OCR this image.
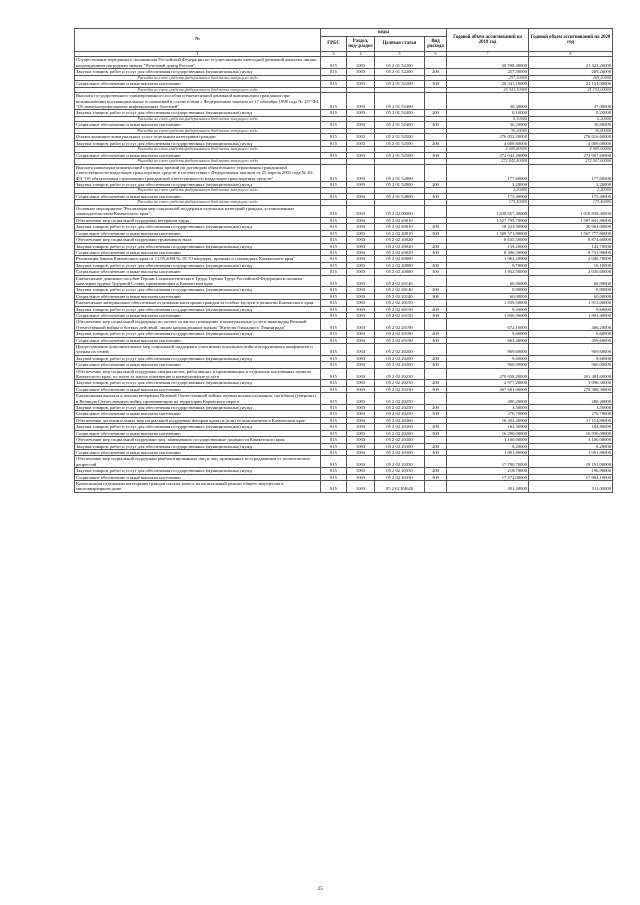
№	коды				Годовой объем ассигнований на 2019 год	Годовой объем ассигнований на 2020 год
	ГРБС	Раздел, под- раздел	Целевая статья	Вид расхода		
1	3	4	5	6	7	8
Осуществление переданного полномочия Российской Федерации по осуществлению ежегодной денежной выплаты лицам, награжденным нагрудным знаком "Почетный донор России"	815	1003	05 2 01 52200		20 598,40000	21 423,20000
Закупка товаров, работ и услуг для обеспечения государственных (муниципальных) нужд	815	1003	05 2 01 52200	200	257,30000	269,20000
Расходы за счет средств федерального бюджета текущего года					257,30000	269,20000
Социальное обеспечение и иные выплаты населению	815	1003	05 2 01 52200	300	20 341,10000	21 154,00000
Расходы за счет средств федерального бюджета текущего года					20 341,10000	21 154,00000
Выплата государственного единовременного пособия и ежемесячной денежной компенсации гражданам при возникновении поствакцинальных осложнений в соответствии с Федеральным законом от 17 сентября 1998 года № 157-ФЗ "Об иммунопрофилактике инфекционных болезней"	815	1003	05 2 01 52400		36,30000	37,00000
Закупка товаров, работ и услуг для обеспечения государственных (муниципальных) нужд	815	1003	05 2 01 52400	200	0,10000	0,20000
Расходы за счет средств федерального бюджета текущего года					0,10000	0,20000
Социальное обеспечение и иные выплаты населению	815	1003	05 2 01 52400	300	36,20000	36,80000
Расходы за счет средств федерального бюджета текущего года					36,20000	36,80000
Оплата жилищно-коммунальных услуг отдельным категориям граждан	815	1003	05 2 01 52500		276 052,20000	276 016,60000
Закупка товаров, работ и услуг для обеспечения государственных (муниципальных) нужд	815	1003	05 2 01 52500	200	4 009,80000	4 009,00000
Расходы за счет средств федерального бюджета текущего года					4 009,80000	4 009,00000
Социальное обеспечение и иные выплаты населению	815	1003	05 2 01 52500	300	272 042,40000	272 007,60000
Расходы за счет средств федерального бюджета текущего года					272 042,40000	272 007,60000
Выплата инвалидам компенсаций страховых премий по договорам обязательного страхования гражданской ответственности владельцев транспортных средств в соответствии с Федеральным законом от 25 апреля 2002 года № 40-ФЗ "Об обязательном страховании гражданской ответственности владельцев транспортных средств"	815	1003	05 2 01 52800		177,60000	177,60000
Закупка товаров, работ и услуг для обеспечения государственных (муниципальных) нужд	815	1003	05 2 01 52800	200	2,20000	2,20000
Расходы за счет средств федерального бюджета текущего года					2,20000	2,20000
Социальное обеспечение и иные выплаты населению	815	1003	05 2 01 52800	300	175,40000	175,40000
Расходы за счет средств федерального бюджета текущего года					175,40000	175,40000
Основное мероприятие "Реализация мер социальной поддержки отдельных категорий граждан, установленных законодательством Камчатского края"	815	1003	05 2 02 00000		1 848 657,40000	1 918 838,40000
Обеспечение мер социальной поддержки ветеранов труда	815	1003	05 2 02 20010		1 527 795,70000	1 587 841,80000
Закупка товаров, работ и услуг для обеспечения государственных (муниципальных) нужд	815	1003	05 2 02 20010	200	18 223,90000	20 064,00000
Социальное обеспечение и иные выплаты населению	815	1003	05 2 02 20010	300	1 509 571,80000	1 567 777,80000
Обеспечение мер социальной поддержки тружеников тыла	815	1003	05 2 02 20020		8 635,50000	8 874,60000
Закупка товаров, работ и услуг для обеспечения государственных (муниципальных) нужд	815	1003	05 2 02 20020	200	139,20000	142,70000
Социальное обеспечение и иные выплаты населению	815	1003	05 2 02 20020	300	8 496,30000	8 731,90000
Реализация Закона Камчатского края от 11.05.2008 № 18 "О наградах, премиях и стипендиях Камчатского края"	815	1003	05 2 02 20080		1 962,20000	2 040,70000
Закупка товаров, работ и услуг для обеспечения государственных (муниципальных) нужд	815	1003	05 2 02 20080	200	9,70000	10,10000
Социальное обеспечение и иные выплаты населению	815	1003	05 2 02 20080	300	1 952,50000	2 030,60000
Ежемесячное денежное пособие Героям Социалистического Труда, Героям Труда Российской Федерации и полным кавалерам ордена Трудовой Славы, проживающим в Камчатском крае	815	1003	05 2 02 20140		60,90000	60,90000
Закупка товаров, работ и услуг для обеспечения государственных (муниципальных) нужд	815	1003	05 2 02 20140	200	0,90000	0,90000
Социальное обеспечение и иные выплаты населению	815	1003	05 2 02 20140	300	60,00000	60,00000
Ежемесячное материальное обеспечение отдельным категориям граждан за особые заслуги в развитии Камчатского края	815	1003	05 2 02 20150		1 839,50000	1 913,00000
Закупка товаров, работ и услуг для обеспечения государственных (муниципальных) нужд	815	1003	05 2 02 20150	200	9,20000	9,60000
Социальное обеспечение и иные выплаты населению	815	1003	05 2 02 20150	300	1 830,30000	1 903,40000
Обеспечение мер социальной поддержки по оплате за жилое помещение и коммунальные услуги инвалидам Великой Отечественной войны и боевых действий, лицам награжденным знаком "Жителю блокадного Ленинграда"	815	1003	05 2 02 20190		672,10000	466,20000
Закупка товаров, работ и услуг для обеспечения государственных (муниципальных) нужд	815	1003	05 2 02 20190	200	9,60000	6,60000
Социальное обеспечение и иные выплаты населению	815	1003	05 2 02 20190	300	662,40000	459,60000
Предоставление дополнительных мер социальной поддержки участникам локальных войн и вооруженных конфликтов и членам их семей	815	1003	05 2 02 20200		969,60000	969,60000
Закупка товаров, работ и услуг для обеспечения государственных (муниципальных) нужд	815	1003	05 2 02 20200	200	9,60000	9,60000
Социальное обеспечение и иные выплаты населению	815	1003	05 2 02 20200	300	960,00000	960,00000
Обеспечение мер социальной поддержки специалистов, работающих и проживающих в отдельных населенных пунктах Камчатского края, по плате за жилое помещение и коммунальные услуги	815	1003	05 2 02 20230		270 658,20000	281 484,60000
Закупка товаров, работ и услуг для обеспечения государственных (муниципальных) нужд	815	1003	05 2 02 20230	200	2 977,20000	3 096,30000
Социальное обеспечение и иные выплаты населению	815	1003	05 2 02 20230	300	267 681,00000	278 388,30000
Ежемесячная выплата к пенсии ветеранам Великой Отечественной войны, вдовам военнослужащих, погибших (умерших) в Великую Отечественную войну, проживающим на территории Корякского округа	815	1003	05 2 02 20250		280,20000	280,20000
Закупка товаров, работ и услуг для обеспечения государственных (муниципальных) нужд	815	1003	05 2 02 20250	200	3,50000	3,50000
Социальное обеспечение и иные выплаты населению	815	1003	05 2 02 20250	300	276,70000	276,70000
Обеспечение дополнительных мер социальной поддержки donорам крови и (или) ее компонентов в Камчатском крае	815	1003	05 2 02 20260		16 452,20000	17 114,80000
Закупка товаров, работ и услуг для обеспечения государственных (муниципальных) нужд	815	1003	05 2 02 20260	200	162,30000	184,80000
Социальное обеспечение и иные выплаты населению	815	1003	05 2 02 20260	300	16 290,00000	16 930,00000
Обеспечение мер социальной поддержки лиц, замещавших государственные должности Камчатского края	815	1003	05 2 02 20300		1 100,00000	1 100,00000
Закупка товаров, работ и услуг для обеспечения государственных (муниципальных) нужд	815	1003	05 2 02 20300	200	8,20000	8,20000
Социальное обеспечение и иные выплаты населению	815	1003	05 2 02 20300	300	1 091,80000	1 091,80000
Обеспечение мер социальной поддержки реабилитированных лиц и лиц, признанных пострадавшими от политических репрессий	815	1003	05 2 02 20330		17 790,70000	18 191,00000
Закупка товаров, работ и услуг для обеспечения государственных (муниципальных) нужд	815	1003	05 2 02 20330	200	218,70000	196,90000
Социальное обеспечение и иные выплаты населению	815	1003	05 2 02 20330	300	17 572,00000	17 994,10000
Компенсация отдельным категориям граждан оплаты взноса на капитальный ремонт общего имущества в многоквартирном доме	815	1003	05 2 02 R4620		491,40000	511,00000
35
